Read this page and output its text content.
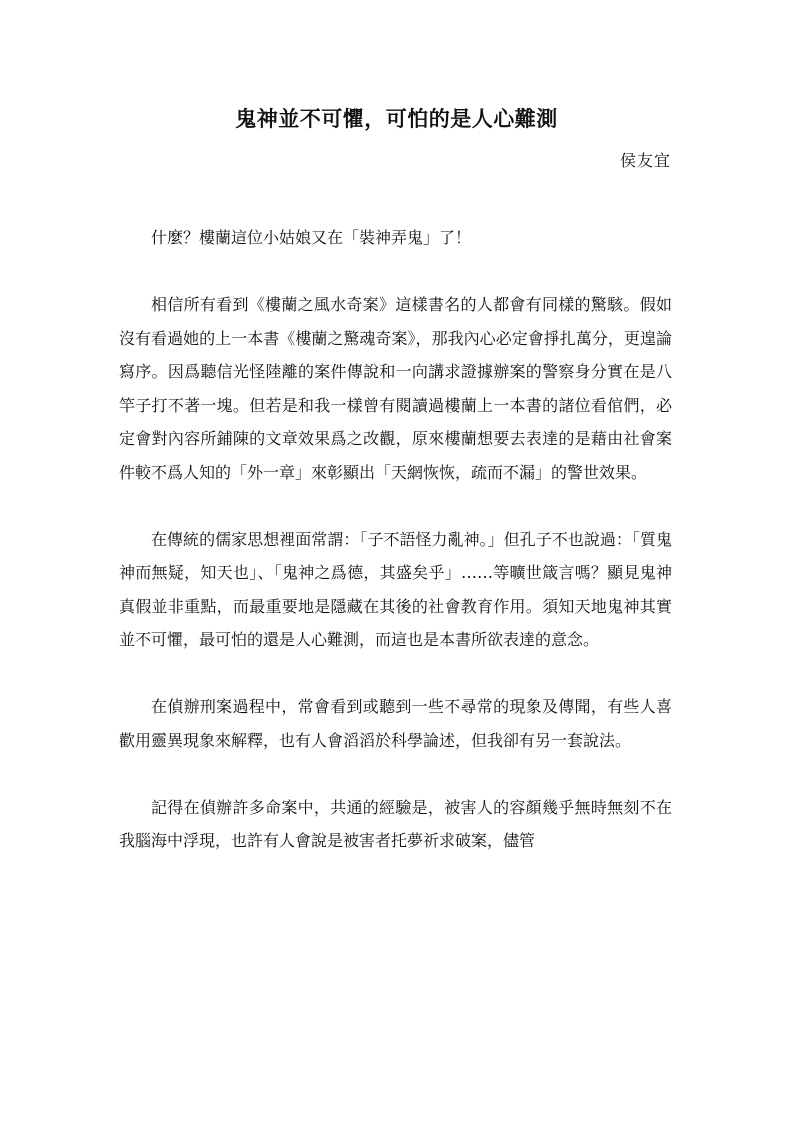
鬼神並不可懼，可怕的是人心難測
侯友宜

什麼？樓蘭這位小姑娘又在「裝神弄鬼」了！

相信所有看到《樓蘭之風水奇案》這樣書名的人都會有同樣的驚駭。假如沒有看過她的上一本書《樓蘭之驚魂奇案》，那我內心必定會掙扎萬分，更遑論寫序。因爲聽信光怪陸離的案件傳說和一向講求證據辦案的警察身分實在是八竿子打不著一塊。但若是和我一樣曾有閱讀過樓蘭上一本書的諸位看倌們，必定會對內容所鋪陳的文章效果爲之改觀，原來樓蘭想要去表達的是藉由社會案件較不爲人知的「外一章」來彰顯出「天網恢恢，疏而不漏」的警世效果。

在傳統的儒家思想裡面常謂：「子不語怪力亂神。」但孔子不也說過：「質鬼神而無疑，知天也」、「鬼神之爲德，其盛矣乎」……等曠世箴言嗎？顯見鬼神真假並非重點，而最重要地是隱藏在其後的社會教育作用。須知天地鬼神其實並不可懼，最可怕的還是人心難測，而這也是本書所欲表達的意念。

在偵辦刑案過程中，常會看到或聽到一些不尋常的現象及傳聞，有些人喜歡用靈異現象來解釋，也有人會滔滔於科學論述，但我卻有另一套說法。

記得在偵辦許多命案中，共通的經驗是，被害人的容顏幾乎無時無刻不在我腦海中浮現，也許有人會說是被害者托夢祈求破案，儘管
